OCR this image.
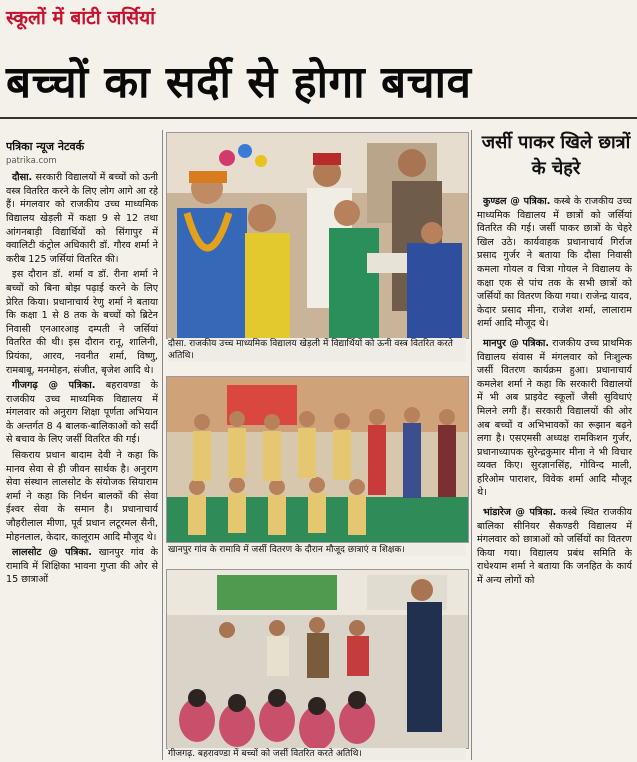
स्कूलों में बांटी जर्सियां
बच्चों का सर्दी से होगा बचाव
पत्रिका न्यूज नेटवर्क
patrika.com

दौसा. सरकारी विद्यालयों में बच्चों को ऊनी वस्त्र वितरित करने के लिए लोग आगे आ रहे हैं। मंगलवार को राजकीय उच्च माध्यमिक विद्यालय खेड़ली में कक्षा 9 से 12 तथा आंगनबाड़ी विद्यार्थियों को सिंगापुर में क्वालिटी कंट्रोल अधिकारी डॉ. गौरव शर्मा ने करीब 125 जर्सियां वितरित की।

इस दौरान डॉ. शर्मा व डॉ. रीना शर्मा ने बच्चों को बिना बोझ पढ़ाई करने के लिए प्रेरित किया। प्रधानाचार्य रेणु शर्मा ने बताया कि कक्षा 1 से 8 तक के बच्चों को ब्रिटेन निवासी एनआरआइ दम्पती ने जर्सियां वितरित की थी। इस दौरान रानू, शालिनी, प्रियंका, आरव, नवनीत शर्मा, विष्णु, रामबाबू, मनमोहन, संजीत, बृजेश आदि थे।

गीजगढ़ @ पत्रिका. बहरावण्डा के राजकीय उच्च माध्यमिक विद्यालय में मंगलवार को अनुराग शिक्षा पूर्णता अभियान के अन्तर्गत 8 4 बालक-बालिकाओं को सर्दी से बचाव के लिए जर्सी वितरित की गई।

सिकराय प्रधान बादाम देवी ने कहा कि मानव सेवा से ही जीवन सार्थक है। अनुराग सेवा संस्थान लालसोट के संयोजक सियाराम शर्मा ने कहा कि निर्धन बालकों की सेवा ईश्वर सेवा के समान है। प्रधानाचार्य जौहरीलाल मीणा, पूर्व प्रधान लटूरमल सैनी, मोहनलाल, केदार, कालूराम आदि मौजूद थे।

लालसोट @ पत्रिका. खानपुर गांव के रामावि में शिक्षिका भावना गुप्ता की ओर से 15 छात्राओं

दौसा. राजकीय उच्च माध्यमिक विद्यालय खेड़ली में विद्यार्थियों को ऊनी वस्त्र वितरित करते अतिथि।
खानपुर गांव के रामावि में जर्सी वितरण के दौरान मौजूद छात्राएं व शिक्षक।
गीजगढ़. बहरावण्डा में बच्चों को जर्सी वितरित करते अतिथि।
जर्सी पाकर खिले छात्रों के चेहरे

कुण्डल @ पत्रिका. कस्बे के राजकीय उच्च माध्यमिक विद्यालय में छात्रों को जर्सियां वितरित की गई। जर्सी पाकर छात्रों के चेहरे खिल उठे। कार्यवाहक प्रधानाचार्य गिर्राज प्रसाद गुर्जर ने बताया कि दौसा निवासी कमला गोयल व चित्रा गोयल ने विद्यालय के कक्षा एक से पांच तक के सभी छात्रों को जर्सियों का वितरण किया गया। राजेन्द्र यादव, केदार प्रसाद मीना, राजेश शर्मा, लालाराम शर्मा आदि मौजूद थे।

मानपुर @ पत्रिका. राजकीय उच्च प्राथमिक विद्यालय संवास में मंगलवार को निःशुल्क जर्सी वितरण कार्यक्रम हुआ। प्रधानाचार्य कमलेश शर्मा ने कहा कि सरकारी विद्यालयों में भी अब प्राइवेट स्कूलों जैसी सुविधाएं मिलने लगी हैं। सरकारी विद्यालयों की ओर अब बच्चों व अभिभावकों का रूझान बढ़ने लगा है। एसएमसी अध्यक्ष रामकिशन गुर्जर, प्रधानाध्यापक सुरेन्द्रकुमार मीना ने भी विचार व्यक्त किए। सुरज्ञानसिंह, गोविन्द माली, हरिओम पाराशर, विवेक शर्मा आदि मौजूद थे।

भांडारेज @ पत्रिका. कस्बे स्थित राजकीय बालिका सीनियर सैकण्डरी विद्यालय में मंगलवार को छात्राओं को जर्सियों का वितरण किया गया। विद्यालय प्रबंध समिति के राधेश्याम शर्मा ने बताया कि जनहित के कार्य में अन्य लोगों को
